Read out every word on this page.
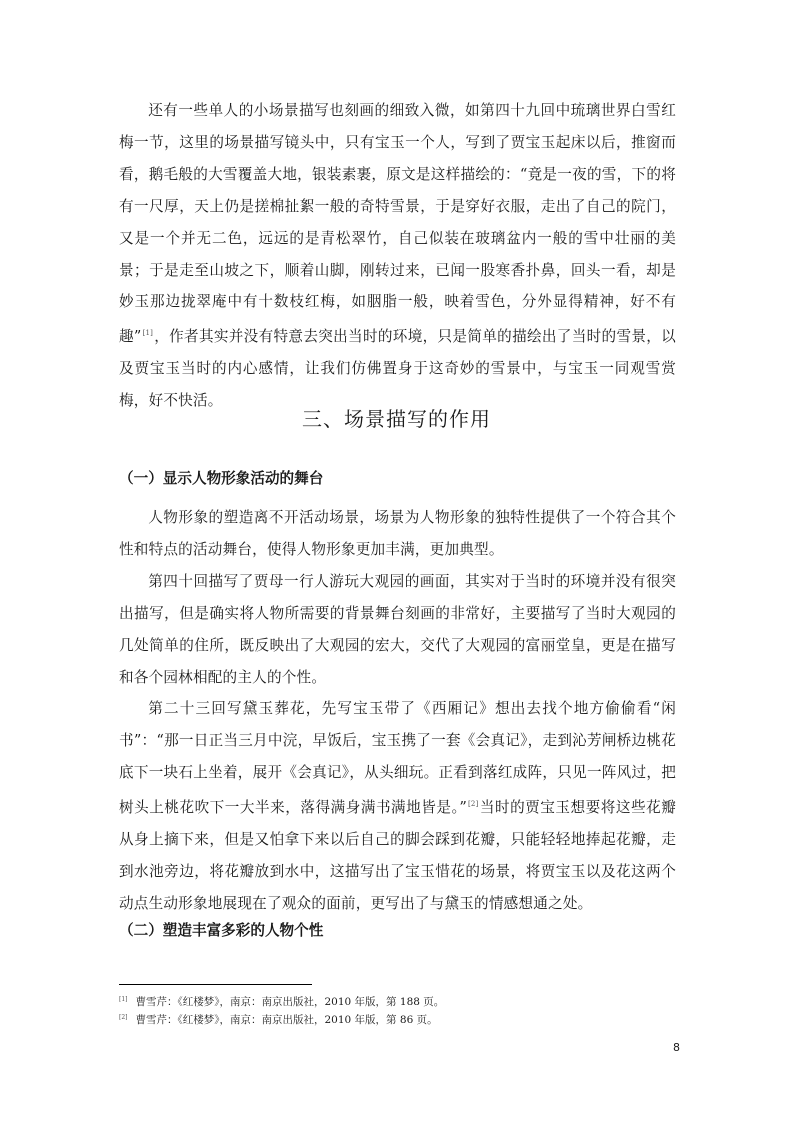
还有一些单人的小场景描写也刻画的细致入微，如第四十九回中琉璃世界白雪红梅一节，这里的场景描写镜头中，只有宝玉一个人，写到了贾宝玉起床以后，推窗而看，鹅毛般的大雪覆盖大地，银装素裹，原文是这样描绘的：“竟是一夜的雪，下的将有一尺厚，天上仍是搓棉扯絮一般的奇特雪景，于是穿好衣服，走出了自己的院门，又是一个并无二色，远远的是青松翠竹，自己似装在玻璃盆内一般的雪中壮丽的美景；于是走至山坡之下，顺着山脚，刚转过来，已闻一股寒香扑鼻，回头一看，却是妙玉那边拢翠庵中有十数枝红梅，如胭脂一般，映着雪色，分外显得精神，好不有趣”[1]，作者其实并没有特意去突出当时的环境，只是简单的描绘出了当时的雪景，以及贾宝玉当时的内心感情，让我们仿佛置身于这奇妙的雪景中，与宝玉一同观雪赏梅，好不快活。

三、场景描写的作用
（一）显示人物形象活动的舞台

人物形象的塑造离不开活动场景，场景为人物形象的独特性提供了一个符合其个性和特点的活动舞台，使得人物形象更加丰满，更加典型。

第四十回描写了贾母一行人游玩大观园的画面，其实对于当时的环境并没有很突出描写，但是确实将人物所需要的背景舞台刻画的非常好，主要描写了当时大观园的几处简单的住所，既反映出了大观园的宏大，交代了大观园的富丽堂皇，更是在描写和各个园林相配的主人的个性。

第二十三回写黛玉葬花，先写宝玉带了《西厢记》想出去找个地方偷偷看“闲书”：“那一日正当三月中浣，早饭后，宝玉携了一套《会真记》，走到沁芳闸桥边桃花底下一块石上坐着，展开《会真记》，从头细玩。正看到落红成阵，只见一阵风过，把树头上桃花吹下一大半来，落得满身满书满地皆是。”[2]当时的贾宝玉想要将这些花瓣从身上摘下来，但是又怕拿下来以后自己的脚会踩到花瓣，只能轻轻地捧起花瓣，走到水池旁边，将花瓣放到水中，这描写出了宝玉惜花的场景，将贾宝玉以及花这两个动点生动形象地展现在了观众的面前，更写出了与黛玉的情感想通之处。

（二）塑造丰富多彩的人物个性

[1] 曹雪芹：《红楼梦》，南京：南京出版社，2010 年版，第 188 页。

[2] 曹雪芹：《红楼梦》，南京：南京出版社，2010 年版，第 86 页。

8
